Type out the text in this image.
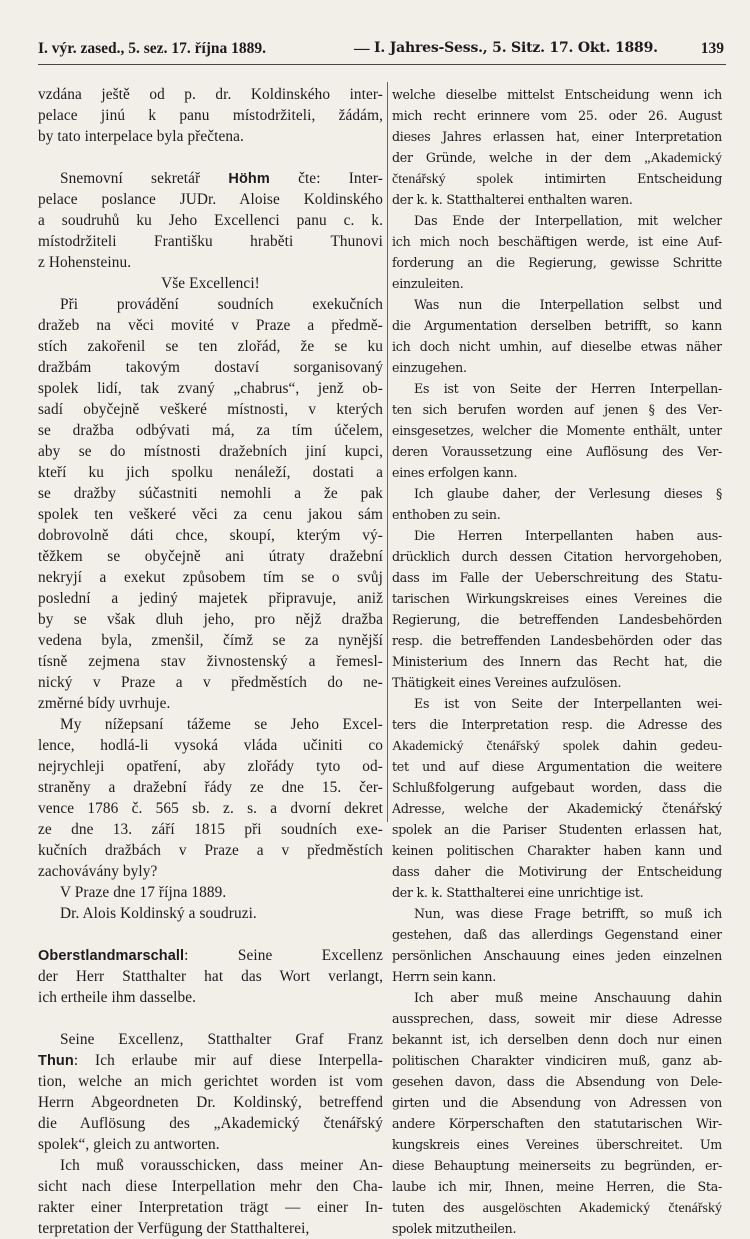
I. výr. zased., 5. sez. 17. října 1889.	— I. Jahres-Sess., 5. Sitz. 17. Okt. 1889.	139
vzdána ještě od p. dr. Koldinského inter-
pelace jinú k panu místodržiteli, žádám,
by tato interpelace byla přečtena.
Snemovní sekretář Höhm čte: Inter-
pelace poslance JUDr. Aloise Koldinského
a soudruhů ku Jeho Excellenci panu c. k.
místodržiteli Františku hraběti Thunovi
z Hohensteinu.
Vše Excellenci!
Při provádění soudních exekučních
dražeb na věci movité v Praze a předmě-
stích zakořenil se ten zlořád, že se ku
dražbám takovým dostaví sorganisovaný
spolek lidí, tak zvaný „chabrus“, jenž ob-
sadí obyčejně veškeré místnosti, v kterých
se dražba odbývati má, za tím účelem,
aby se do místnosti dražebních jiní kupci,
kteří ku jich spolku nenáleží, dostati a
se dražby súčastniti nemohli a že pak
spolek ten veškeré věci za cenu jakou sám
dobrovolně dáti chce, skoupí, kterým vý-
těžkem se obyčejně ani útraty dražební
nekryjí a exekut způsobem tím se o svůj
poslední a jediný majetek připravuje, aniž
by se však dluh jeho, pro nějž dražba
vedena byla, zmenšil, čímž se za nynější
tísně zejmena stav živnostenský a řemesl-
nický v Praze a v předměstích do ne-
změrné bídy uvrhuje.
My nížepsaní tážeme se Jeho Excel-
lence, hodlá-li vysoká vláda učiniti co
nejrychleji opatření, aby zlořády tyto od-
straněny a dražební řády ze dne 15. čer-
vence 1786 č. 565 sb. z. s. a dvorní dekret
ze dne 13. září 1815 při soudních exe-
kučních dražbách v Praze a v předměstích
zachovávány byly?
V Praze dne 17 října 1889.
Dr. Alois Koldinský a soudruzi.
Oberstlandmarschall: Seine Excellenz
der Herr Statthalter hat das Wort verlangt,
ich ertheile ihm dasselbe.
Seine Excellenz, Statthalter Graf Franz
Thun: Ich erlaube mir auf diese Interpella-
tion, welche an mich gerichtet worden ist vom
Herrn Abgeordneten Dr. Koldinský, betreffend
die Auflösung des „Akademický čtenářský
spolek“, gleich zu antworten.
Ich muß vorausschicken, dass meiner An-
sicht nach diese Interpellation mehr den Cha-
rakter einer Interpretation trägt — einer In-
terpretation der Verfügung der Statthalterei,
welche dieselbe mittelst Entscheidung wenn ich
mich recht erinnere vom 25. oder 26. August
dieses Jahres erlassen hat, einer Interpretation
der Gründe, welche in der dem „Akademický
čtenářský spolek intimirten Entscheidung
der k. k. Statthalterei enthalten waren.
Das Ende der Interpellation, mit welcher
ich mich noch beschäftigen werde, ist eine Auf-
forderung an die Regierung, gewisse Schritte
einzuleiten.
Was nun die Interpellation selbst und
die Argumentation derselben betrifft, so kann
ich doch nicht umhin, auf dieselbe etwas näher
einzugehen.
Es ist von Seite der Herren Interpellan-
ten sich berufen worden auf jenen § des Ver-
einsgesetzes, welcher die Momente enthält, unter
deren Voraussetzung eine Auflösung des Ver-
eines erfolgen kann.
Ich glaube daher, der Verlesung dieses §
enthoben zu sein.
Die Herren Interpellanten haben aus-
drücklich durch dessen Citation hervorgehoben,
dass im Falle der Ueberschreitung des Statu-
tarischen Wirkungskreises eines Vereines die
Regierung, die betreffenden Landesbehörden
resp. die betreffenden Landesbehörden oder das
Ministerium des Innern das Recht hat, die
Thätigkeit eines Vereines aufzulösen.
Es ist von Seite der Interpellanten wei-
ters die Interpretation resp. die Adresse des
Akademický čtenářský spolek dahin gedeu-
tet und auf diese Argumentation die weitere
Schlußfolgerung aufgebaut worden, dass die
Adresse, welche der Akademický čtenářský
spolek an die Pariser Studenten erlassen hat,
keinen politischen Charakter haben kann und
dass daher die Motivirung der Entscheidung
der k. k. Statthalterei eine unrichtige ist.
Nun, was diese Frage betrifft, so muß ich
gestehen, daß das allerdings Gegenstand einer
persönlichen Anschauung eines jeden einzelnen
Herrn sein kann.
Ich aber muß meine Anschauung dahin
aussprechen, dass, soweit mir diese Adresse
bekannt ist, ich derselben denn doch nur einen
politischen Charakter vindiciren muß, ganz ab-
gesehen davon, dass die Absendung von Dele-
girten und die Absendung von Adressen von
andere Körperschaften den statutarischen Wir-
kungskreis eines Vereines überschreitet. Um
diese Behauptung meinerseits zu begründen, er-
laube ich mir, Ihnen, meine Herren, die Sta-
tuten des ausgelöschten Akademický čtenářský
spolek mitzutheilen.
